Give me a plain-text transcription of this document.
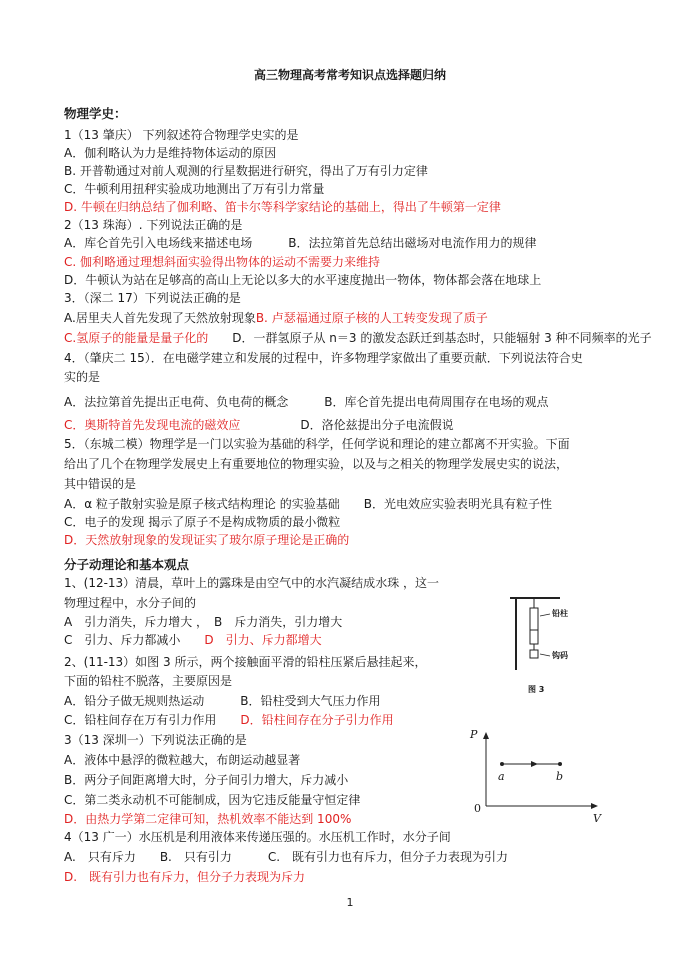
高三物理高考常考知识点选择题归纳
物理学史：
1（13 肇庆） 下列叙述符合物理学史实的是
A．伽利略认为力是维持物体运动的原因
B. 开普勒通过对前人观测的行星数据进行研究，得出了万有引力定律
C．牛顿利用扭秤实验成功地测出了万有引力常量
D. 牛顿在归纳总结了伽利略、笛卡尔等科学家结论的基础上，得出了牛顿第一定律
2（13 珠海）. 下列说法正确的是
A．库仑首先引入电场线来描述电场　　　B．法拉第首先总结出磁场对电流作用力的规律
C. 伽利略通过理想斜面实验得出物体的运动不需要力来维持
D．牛顿认为站在足够高的高山上无论以多大的水平速度抛出一物体，物体都会落在地球上
3．（深二 17）下列说法正确的是
A.居里夫人首先发现了天然放射现象B. 卢瑟福通过原子核的人工转变发现了质子
C.氢原子的能量是量子化的　　D．一群氢原子从 n＝3 的激发态跃迁到基态时，只能辐射 3 种不同频率的光子
4．（肇庆二 15）．在电磁学建立和发展的过程中，许多物理学家做出了重要贡献．下列说法符合史
实的是
A．法拉第首先提出正电荷、负电荷的概念　　　B．库仑首先提出电荷周围存在电场的观点
C．奥斯特首先发现电流的磁效应　　　　　D．洛伦兹提出分子电流假说
5．（东城二模）物理学是一门以实验为基础的科学，任何学说和理论的建立都离不开实验。下面
给出了几个在物理学发展史上有重要地位的物理实验，以及与之相关的物理学发展史实的说法，
其中错误的是
A．α 粒子散射实验是原子核式结构理论 的实验基础　　B．光电效应实验表明光具有粒子性
C．电子的发现 揭示了原子不是构成物质的最小微粒
D．天然放射现象的发现证实了玻尔原子理论是正确的
分子动理论和基本观点
1、(12-13）清晨，草叶上的露珠是由空气中的水汽凝结成水珠 ，这一
物理过程中，水分子间的
A　引力消失，斥力增大 ，　B　斥力消失，引力增大
C　引力、斥力都减小　　D　引力、斥力都增大
2、(11-13）如图 3 所示，两个接触面平滑的铅柱压紧后悬挂起来，
下面的铅柱不脱落，主要原因是
A．铅分子做无规则热运动　　　B．铅柱受到大气压力作用
C．铅柱间存在万有引力作用　　D．铅柱间存在分子引力作用
3（13 深圳一）下列说法正确的是
A．液体中悬浮的微粒越大，布朗运动越显著
B．两分子间距离增大时，分子间引力增大，斥力减小
C．第二类永动机不可能制成，因为它违反能量守恒定律
D．由热力学第二定律可知，热机效率不能达到 100%
4（13 广一）水压机是利用液体来传递压强的。水压机工作时，水分子间
A.　只有斥力　　B.　只有引力　　　C.　既有引力也有斥力，但分子力表现为引力
D.　既有引力也有斥力，但分子力表现为斥力
铅柱
钩码
图 3
P
V
0
a	b
1
